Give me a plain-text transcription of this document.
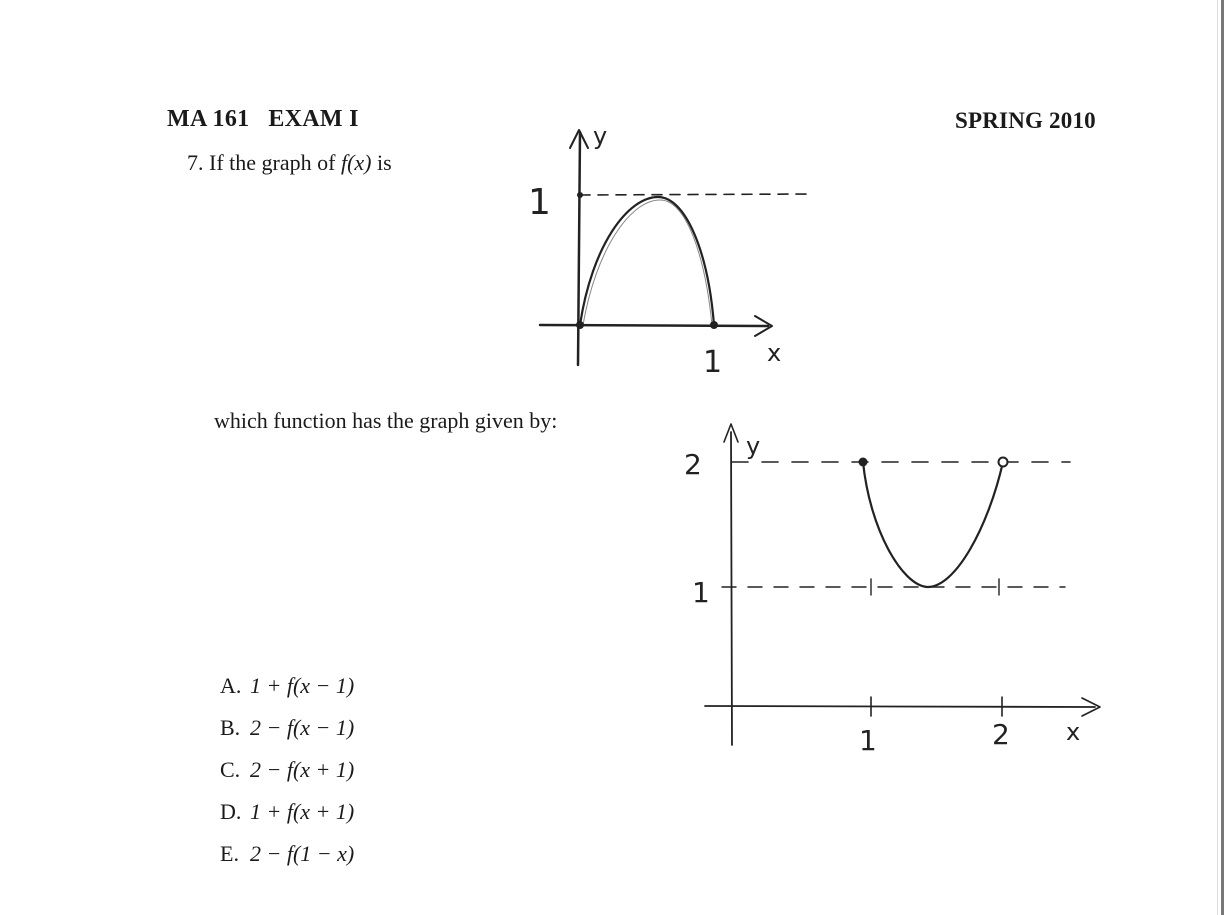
MA 161   EXAM I	SPRING 2010
7. If the graph of f(x) is
y
1
1 x
which function has the graph given by:
y
2
1
1	2 x
A. 1 + f(x − 1)
B. 2 − f(x − 1)
C. 2 − f(x + 1)
D. 1 + f(x + 1)
E. 2 − f(1 − x)
